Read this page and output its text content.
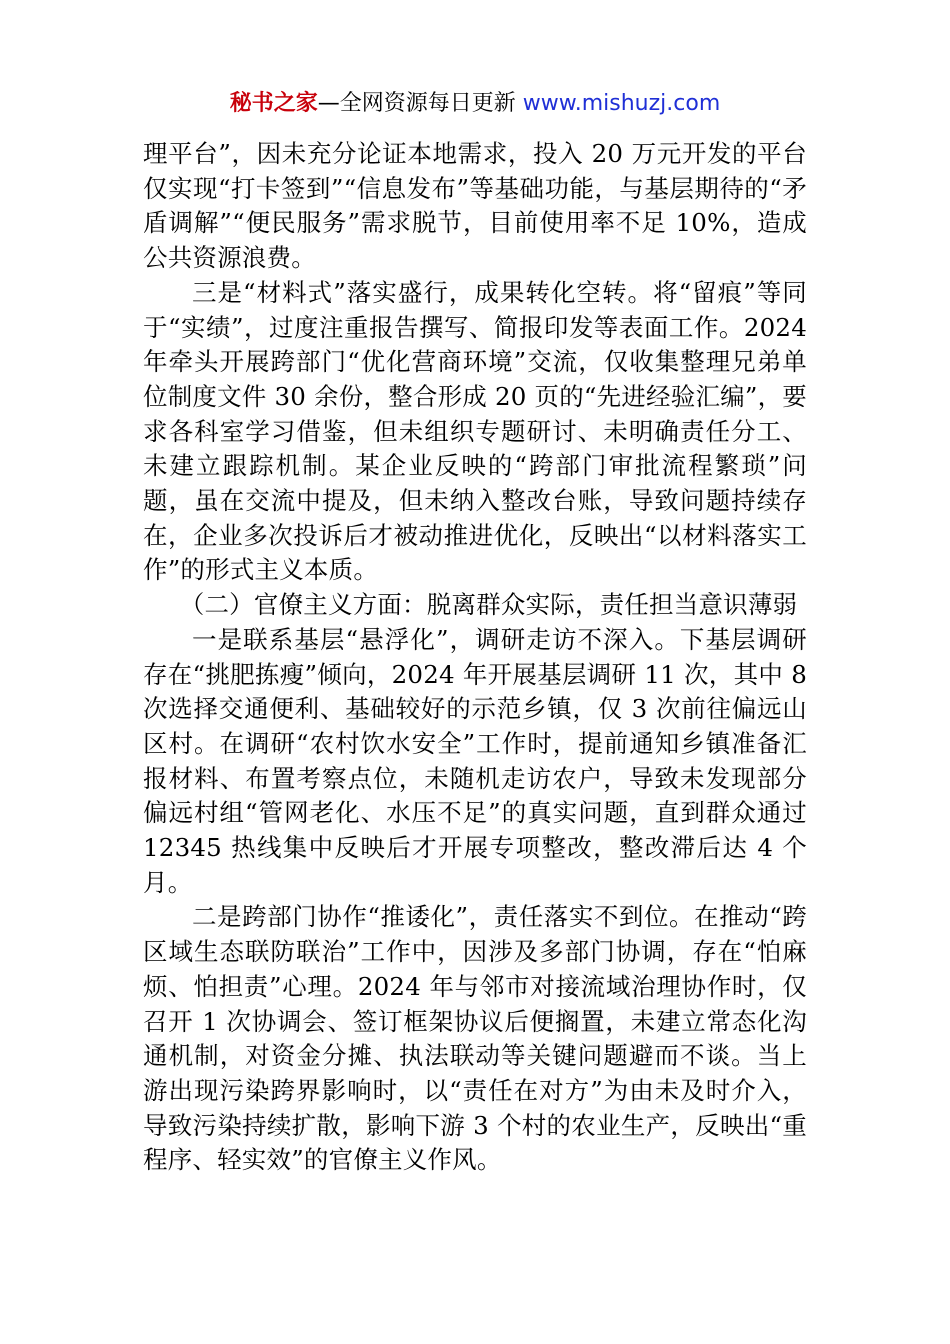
秘书之家—全网资源每日更新 www.mishuzj.com

理平台”，因未充分论证本地需求，投入 20 万元开发的平台仅实现“打卡签到”“信息发布”等基础功能，与基层期待的“矛盾调解”“便民服务”需求脱节，目前使用率不足 10%，造成公共资源浪费。

三是“材料式”落实盛行，成果转化空转。将“留痕”等同于“实绩”，过度注重报告撰写、简报印发等表面工作。2024 年牵头开展跨部门“优化营商环境”交流，仅收集整理兄弟单位制度文件 30 余份，整合形成 20 页的“先进经验汇编”，要求各科室学习借鉴，但未组织专题研讨、未明确责任分工、未建立跟踪机制。某企业反映的“跨部门审批流程繁琐”问题，虽在交流中提及，但未纳入整改台账，导致问题持续存在，企业多次投诉后才被动推进优化，反映出“以材料落实工作”的形式主义本质。

（二）官僚主义方面：脱离群众实际，责任担当意识薄弱

一是联系基层“悬浮化”，调研走访不深入。下基层调研存在“挑肥拣瘦”倾向，2024 年开展基层调研 11 次，其中 8 次选择交通便利、基础较好的示范乡镇，仅 3 次前往偏远山区村。在调研“农村饮水安全”工作时，提前通知乡镇准备汇报材料、布置考察点位，未随机走访农户，导致未发现部分偏远村组“管网老化、水压不足”的真实问题，直到群众通过 12345 热线集中反映后才开展专项整改，整改滞后达 4 个月。

二是跨部门协作“推诿化”，责任落实不到位。在推动“跨区域生态联防联治”工作中，因涉及多部门协调，存在“怕麻烦、怕担责”心理。2024 年与邻市对接流域治理协作时，仅召开 1 次协调会、签订框架协议后便搁置，未建立常态化沟通机制，对资金分摊、执法联动等关键问题避而不谈。当上游出现污染跨界影响时，以“责任在对方”为由未及时介入，导致污染持续扩散，影响下游 3 个村的农业生产，反映出“重程序、轻实效”的官僚主义作风。
